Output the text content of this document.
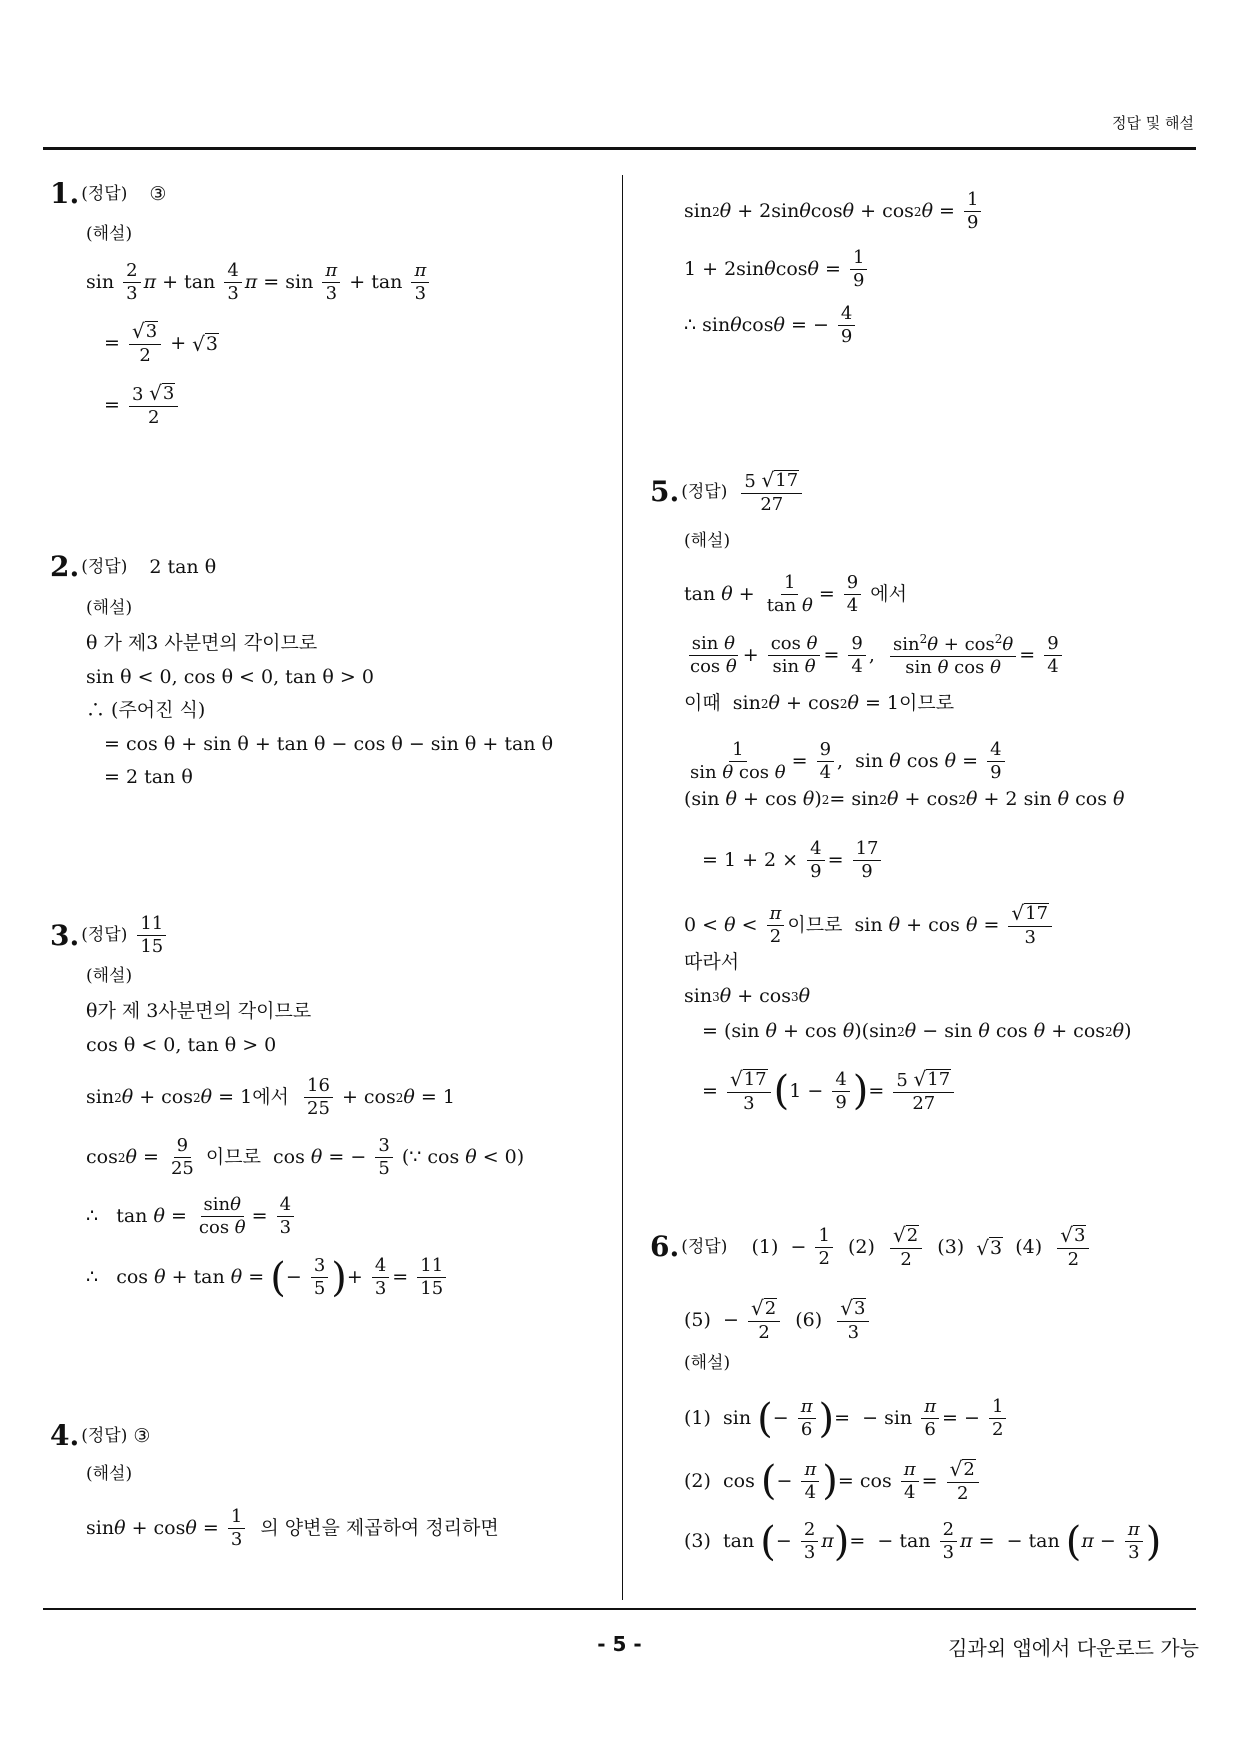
정답 및 해설
- 5 -	김과외 앱에서 다운로드 가능
1. (정답) ③
(해설)
sin
2
3
π + tan
4
3
π = sin
π
3
+ tan
π
3
= √ 3
2
+ √ 3
= 3 √ 3
2
2. (정답) 2 tan θ
(해설)
θ 가 제3 사분면의 각이므로
sin θ < 0, cos θ < 0, tan θ > 0
∴ (주어진 식)
= cos θ + sin θ + tan θ − cos θ − sin θ + tan θ
= 2 tan θ
3. (정답)
11
15
(해설)
θ가 제 3사분면의 각이므로
cos θ < 0, tan θ > 0
sin 2 θ + cos 2 θ = 1 에서

16
25
+ cos 2 θ = 1
cos 2 θ =
9
25

이므로 cos θ = −
3
5
(∵ cos θ < 0)
∴   tan θ =
sinθ
cos θ
=
4
3
∴   cos θ + tan θ = ( −
3
5 ) +
4
3
=
11
15
4. (정답) ③
(해설)
sin θ + cos θ =
1
3

의 양변을 제곱하여 정리하면
sin 2 θ + 2sin θ cos θ + cos 2 θ =
1
9
1 + 2sin θ cos θ =
1
9
∴ sin θ cos θ = −
4
9
5. (정답) 5 √ 17
27
(해설)
tan θ +
1
tan θ
=
9
4

에서
sin θ
cos θ
+
cos θ
sin θ
=
9
4
, $\sin^2\theta + \cos^2\theta$
sin θ cos θ
=
9
4
이때 sin 2 θ + cos 2 θ = 1 이므로
1
sin θ cos θ
=
9
4
,  sin θ cos θ =
4
9
(sin θ + cos θ ) 2 = sin 2 θ + cos 2 θ + 2 sin θ cos θ
= 1 + 2 ×
4
9
=
17
9
0 < θ <
π
2
이므로 sin θ + cos θ = √ 17
3
따라서
sin 3 θ + cos 3 θ
= (sin θ + cos θ )(sin 2 θ − sin θ cos θ + cos 2 θ )
= √ 17
3 ( 1 −
4
9 ) = 5 √ 17
27
6. (정답) (1)  −
1
2
(2) √ 2
2
(3) √ 3 (4) √ 3
2
(5)  − √ 2
2
(6) √ 3
3
(해설)
(1)  sin ( −
π
6 ) =  − sin
π
6
= −
1
2
(2)  cos ( −
π
4 ) = cos
π
4
= √ 2
2
(3)  tan ( −
2
3
π ) =  − tan
2
3
π =  − tan ( π −
π
3 )
